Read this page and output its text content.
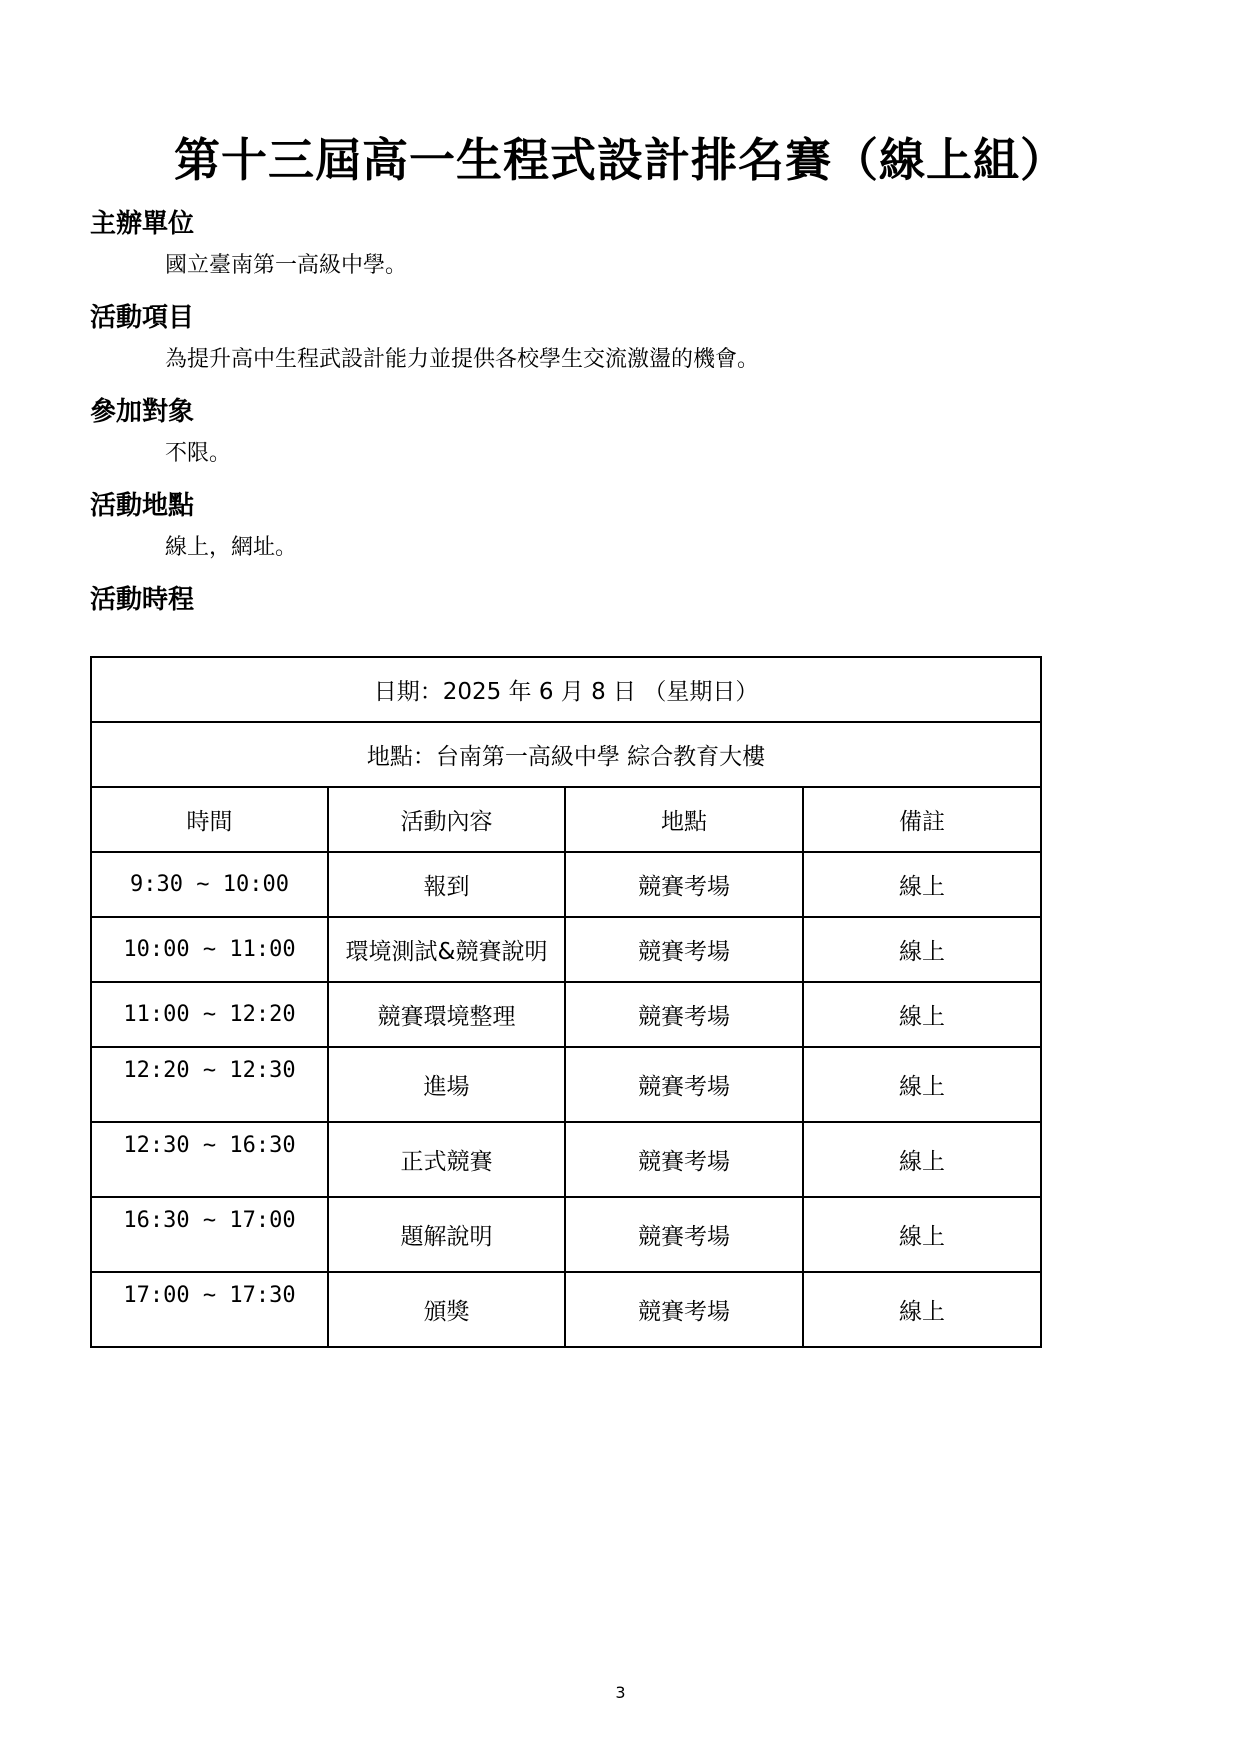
第十三屆高一生程式設計排名賽（線上組）
主辦單位
國立臺南第一高級中學。
活動項目
為提升高中生程武設計能力並提供各校學生交流激盪的機會。
參加對象
不限。
活動地點
線上，網址。
活動時程
日期：2025 年 6 月 8 日 （星期日）			
地點：台南第一高級中學 綜合教育大樓			
時間	活動內容	地點	備註
9:30 ~ 10:00	報到	競賽考場	線上
10:00 ~ 11:00	環境測試&競賽說明	競賽考場	線上
11:00 ~ 12:20	競賽環境整理	競賽考場	線上
12:20 ~ 12:30	進場	競賽考場	線上
12:30 ~ 16:30	正式競賽	競賽考場	線上
16:30 ~ 17:00	題解說明	競賽考場	線上
17:00 ~ 17:30	頒獎	競賽考場	線上
3
